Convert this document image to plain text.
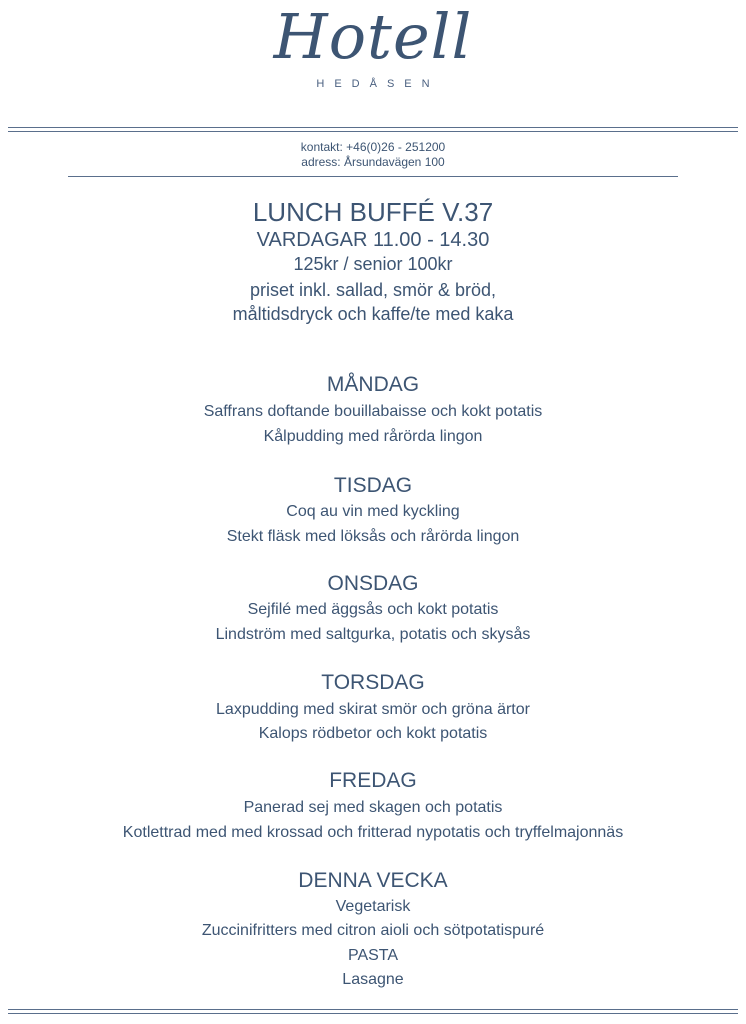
Hotell
HEDÅSEN
kontakt: +46(0)26 - 251200
adress: Årsundavägen 100
LUNCH BUFFÉ V.37
VARDAGAR 11.00 - 14.30
125kr / senior 100kr
priset inkl. sallad, smör & bröd,
måltidsdryck och kaffe/te med kaka
MÅNDAG
Saffrans doftande bouillabaisse och kokt potatis
Kålpudding med rårörda lingon
TISDAG
Coq au vin med kyckling
Stekt fläsk med löksås och rårörda lingon
ONSDAG
Sejfilé med äggsås och kokt potatis
Lindström med saltgurka, potatis och skysås
TORSDAG
Laxpudding med skirat smör och gröna ärtor
Kalops rödbetor och kokt potatis
FREDAG
Panerad sej med skagen och potatis
Kotlettrad med med krossad och fritterad nypotatis och tryffelmajonnäs
DENNA VECKA
Vegetarisk
Zuccinifritters med citron aioli och sötpotatispuré
PASTA
Lasagne
